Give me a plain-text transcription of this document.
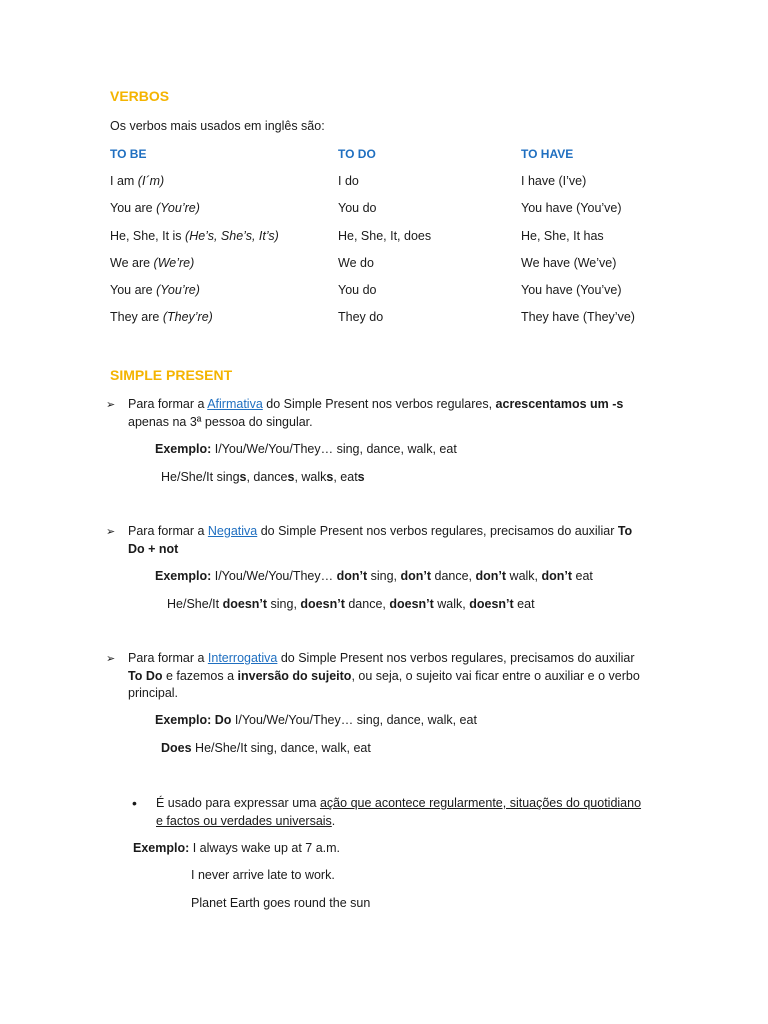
VERBOS
Os verbos mais usados em inglês são:
TO BE	TO DO	TO HAVE
I am (I´m)	I do	I have (I’ve)
You are (You’re)	You do	You have (You’ve)
He, She, It is (He’s, She’s, It’s)	He, She, It, does	He, She, It has
We are (We’re)	We do	We have (We’ve)
You are (You’re)	You do	You have (You’ve)
They are (They’re)	They do	They have (They’ve)
SIMPLE PRESENT
➢ Para formar a Afirmativa do Simple Present nos verbos regulares, acrescentamos um -s
apenas na 3ª pessoa do singular.
Exemplo: I/You/We/You/They… sing, dance, walk, eat
He/She/It sings, dances, walks, eats
➢ Para formar a Negativa do Simple Present nos verbos regulares, precisamos do auxiliar To
Do + not
Exemplo: I/You/We/You/They… don’t sing, don’t dance, don’t walk, don’t eat
He/She/It doesn’t sing, doesn’t dance, doesn’t walk, doesn’t eat
➢ Para formar a Interrogativa do Simple Present nos verbos regulares, precisamos do auxiliar
To Do e fazemos a inversão do sujeito, ou seja, o sujeito vai ficar entre o auxiliar e o verbo
principal.
Exemplo: Do I/You/We/You/They… sing, dance, walk, eat
Does He/She/It sing, dance, walk, eat
• É usado para expressar uma ação que acontece regularmente, situações do quotidiano
e factos ou verdades universais.
Exemplo: I always wake up at 7 a.m.
I never arrive late to work.
Planet Earth goes round the sun
